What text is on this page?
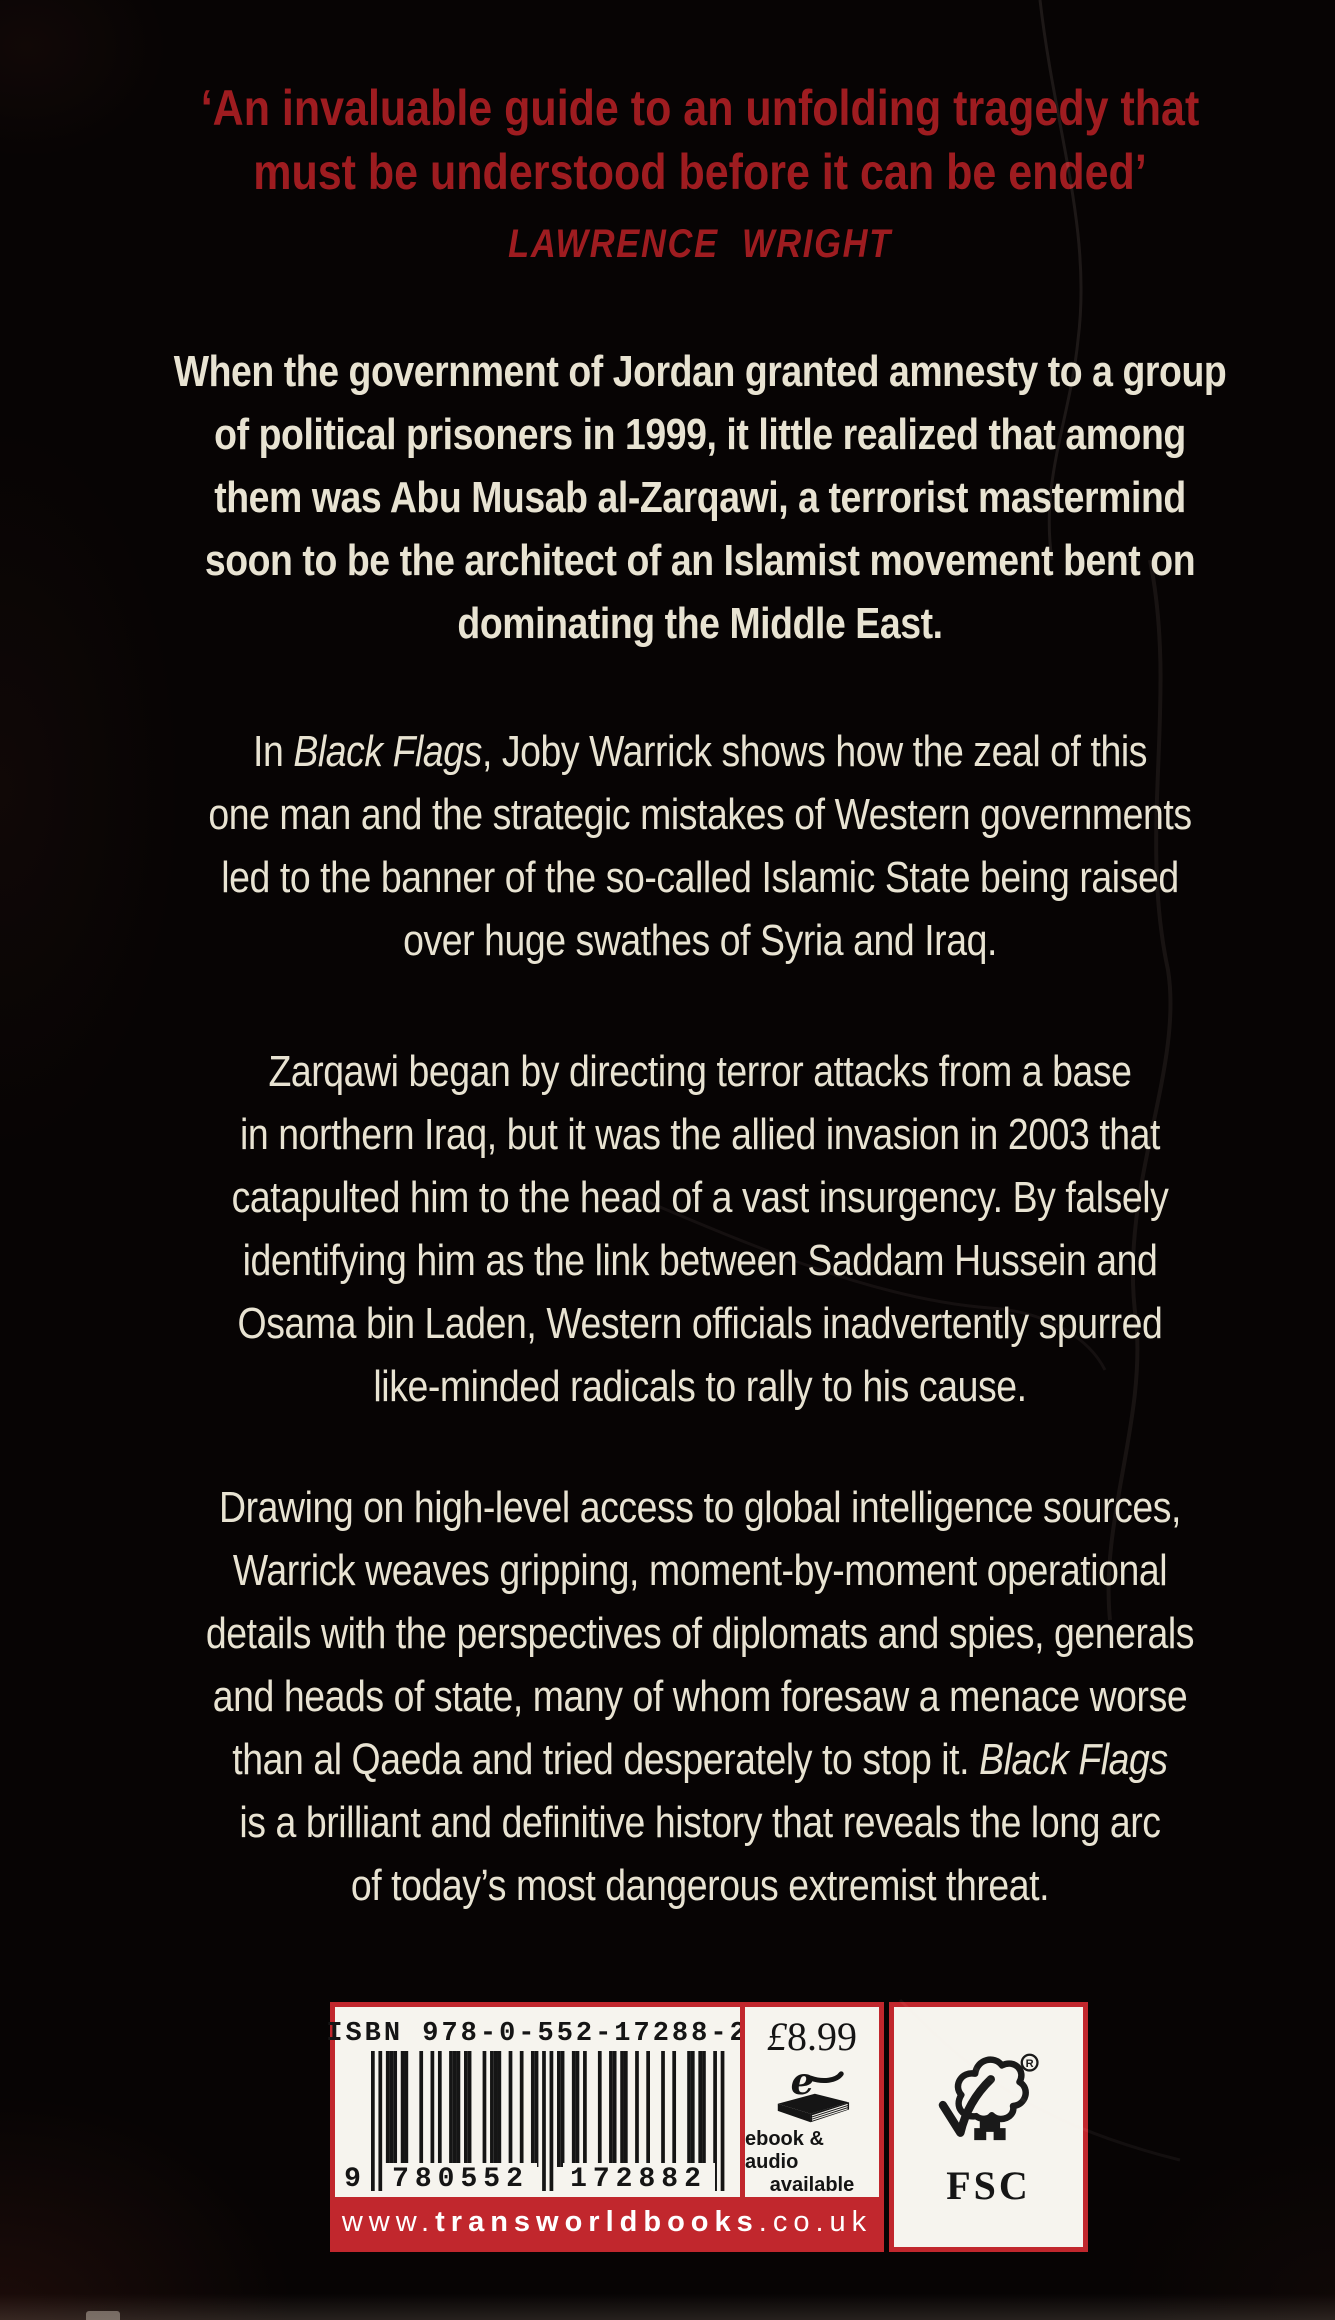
‘An invaluable guide to an unfolding tragedy that
must be understood before it can be ended’
LAWRENCE WRIGHT
When the government of Jordan granted amnesty to a group
of political prisoners in 1999, it little realized that among
them was Abu Musab al-Zarqawi, a terrorist mastermind
soon to be the architect of an Islamist movement bent on
dominating the Middle East.
In Black Flags, Joby Warrick shows how the zeal of this
one man and the strategic mistakes of Western governments
led to the banner of the so-called Islamic State being raised
over huge swathes of Syria and Iraq.
Zarqawi began by directing terror attacks from a base
in northern Iraq, but it was the allied invasion in 2003 that
catapulted him to the head of a vast insurgency. By falsely
identifying him as the link between Saddam Hussein and
Osama bin Laden, Western officials inadvertently spurred
like-minded radicals to rally to his cause.
Drawing on high-level access to global intelligence sources,
Warrick weaves gripping, moment-by-moment operational
details with the perspectives of diplomats and spies, generals
and heads of state, many of whom foresaw a menace worse
than al Qaeda and tried desperately to stop it. Black Flags
is a brilliant and definitive history that reveals the long arc
of today’s most dangerous extremist threat.
ISBN 978-0-552-17288-2
9 780552 172882
£8.99
e
ebook & audio
available
www. transworldbooks .co.uk
R
FSC
